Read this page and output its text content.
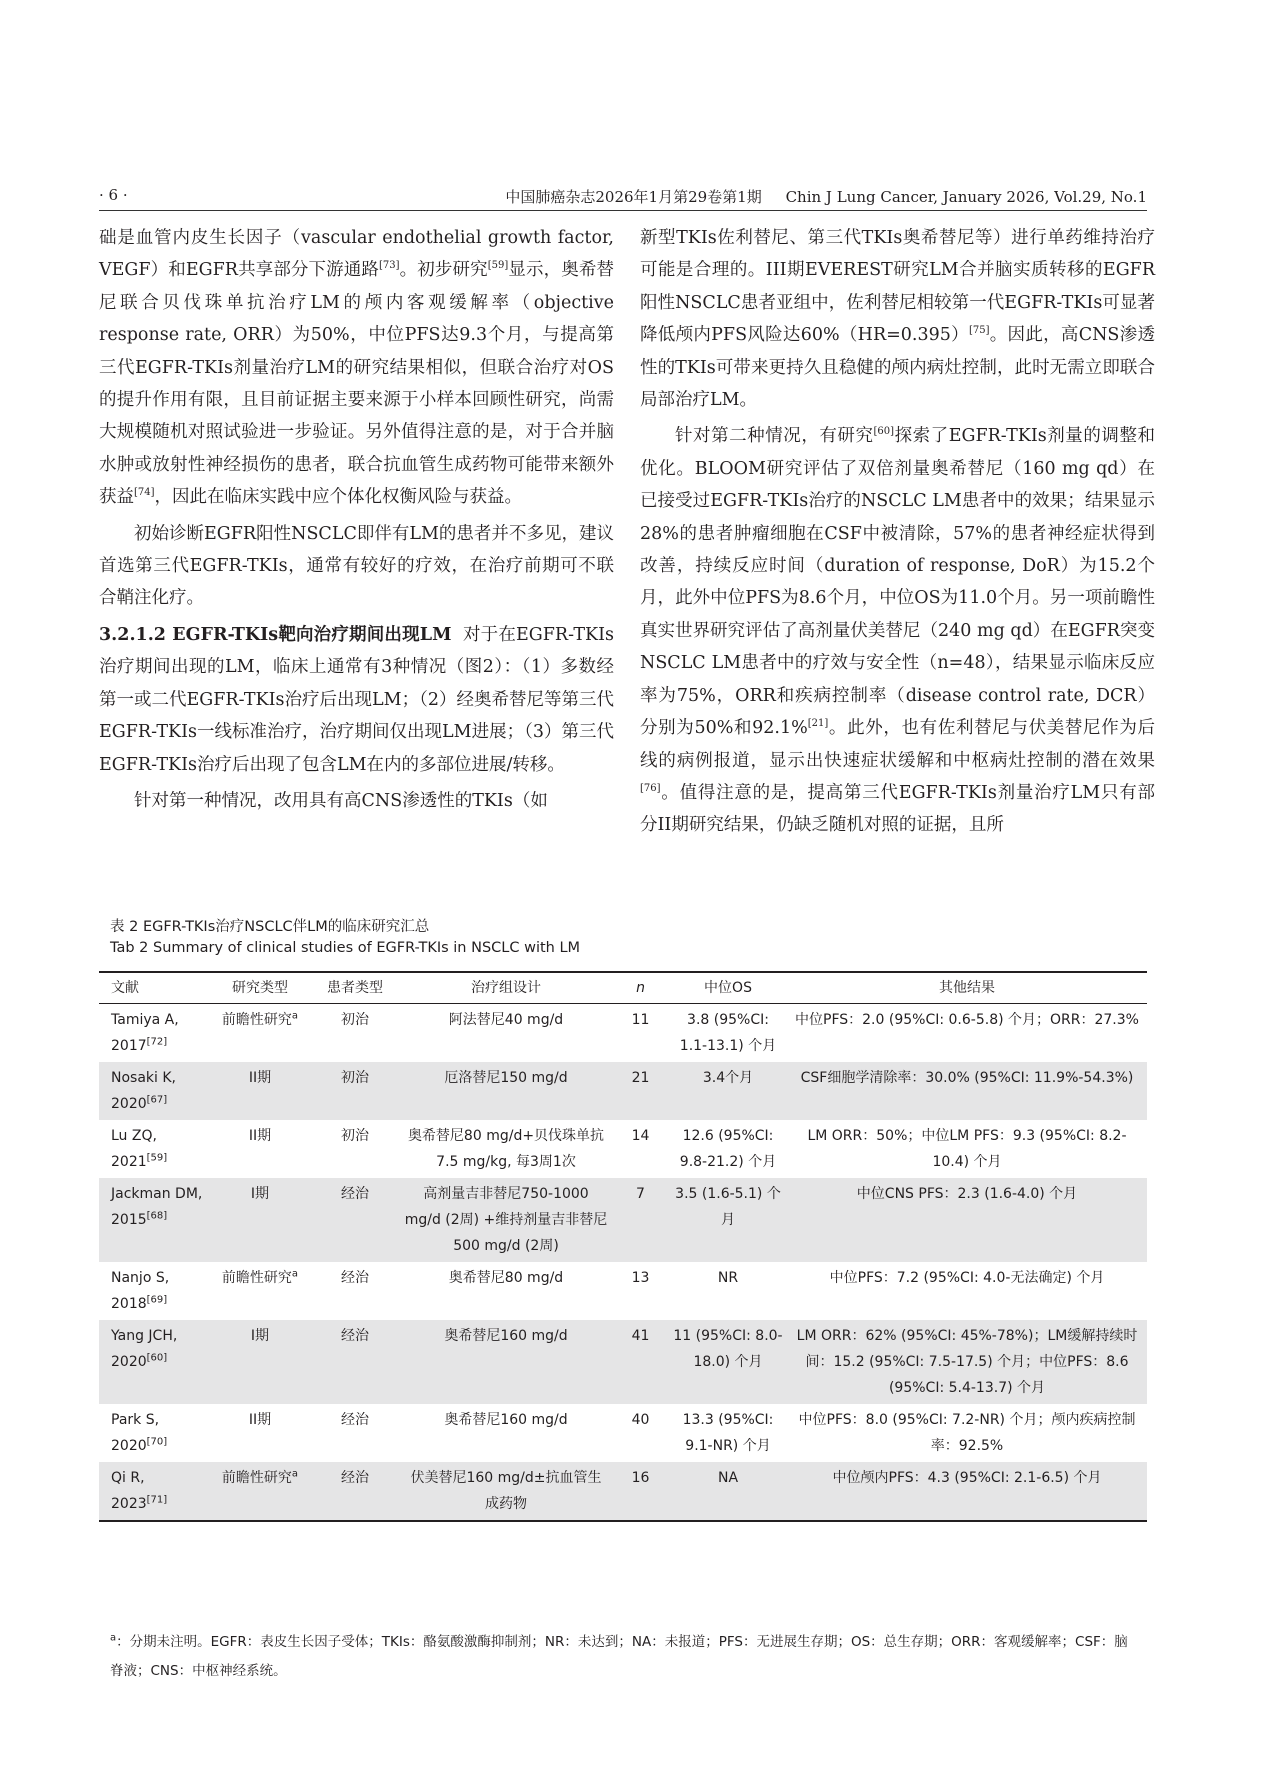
· 6 ·	中国肺癌杂志2026年1月第29卷第1期 Chin J Lung Cancer, January 2026, Vol.29, No.1

础是血管内皮生长因子（vascular endothelial growth factor, VEGF）和EGFR共享部分下游通路[73]。初步研究[59]显示，奥希替尼联合贝伐珠单抗治疗LM的颅内客观缓解率（objective response rate, ORR）为50%，中位PFS达9.3个月，与提高第三代EGFR-TKIs剂量治疗LM的研究结果相似，但联合治疗对OS的提升作用有限，且目前证据主要来源于小样本回顾性研究，尚需大规模随机对照试验进一步验证。另外值得注意的是，对于合并脑水肿或放射性神经损伤的患者，联合抗血管生成药物可能带来额外获益[74]，因此在临床实践中应个体化权衡风险与获益。

初始诊断EGFR阳性NSCLC即伴有LM的患者并不多见，建议首选第三代EGFR-TKIs，通常有较好的疗效，在治疗前期可不联合鞘注化疗。

3.2.1.2 EGFR-TKIs靶向治疗期间出现LM 对于在EGFR-TKIs治疗期间出现的LM，临床上通常有3种情况（图2）：（1）多数经第一或二代EGFR-TKIs治疗后出现LM；（2）经奥希替尼等第三代EGFR-TKIs一线标准治疗，治疗期间仅出现LM进展；（3）第三代EGFR-TKIs治疗后出现了包含LM在内的多部位进展/转移。

针对第一种情况，改用具有高CNS渗透性的TKIs（如

新型TKIs佐利替尼、第三代TKIs奥希替尼等）进行单药维持治疗可能是合理的。III期EVEREST研究LM合并脑实质转移的EGFR阳性NSCLC患者亚组中，佐利替尼相较第一代EGFR-TKIs可显著降低颅内PFS风险达60%（HR=0.395）[75]。因此，高CNS渗透性的TKIs可带来更持久且稳健的颅内病灶控制，此时无需立即联合局部治疗LM。

针对第二种情况，有研究[60]探索了EGFR-TKIs剂量的调整和优化。BLOOM研究评估了双倍剂量奥希替尼（160 mg qd）在已接受过EGFR-TKIs治疗的NSCLC LM患者中的效果；结果显示28%的患者肿瘤细胞在CSF中被清除，57%的患者神经症状得到改善，持续反应时间（duration of response, DoR）为15.2个月，此外中位PFS为8.6个月，中位OS为11.0个月。另一项前瞻性真实世界研究评估了高剂量伏美替尼（240 mg qd）在EGFR突变NSCLC LM患者中的疗效与安全性（n=48），结果显示临床反应率为75%，ORR和疾病控制率（disease control rate, DCR）分别为50%和92.1%[21]。此外，也有佐利替尼与伏美替尼作为后线的病例报道，显示出快速症状缓解和中枢病灶控制的潜在效果[76]。值得注意的是，提高第三代EGFR-TKIs剂量治疗LM只有部分II期研究结果，仍缺乏随机对照的证据，且所

表 2 EGFR-TKIs治疗NSCLC伴LM的临床研究汇总
Tab 2 Summary of clinical studies of EGFR-TKIs in NSCLC with LM
文献	研究类型	患者类型	治疗组设计	n	中位OS	其他结果
Tamiya A,
2017[72]	前瞻性研究$^a$	初治	阿法替尼40 mg/d	11	3.8 (95%CI: 1.1-13.1) 个月	中位PFS：2.0 (95%CI: 0.6-5.8) 个月；ORR：27.3%
Nosaki K,
2020[67]	II期	初治	厄洛替尼150 mg/d	21	3.4个月	CSF细胞学清除率：30.0% (95%CI: 11.9%-54.3%)
Lu ZQ,
2021[59]	II期	初治	奥希替尼80 mg/d+贝伐珠单抗7.5 mg/kg, 每3周1次	14	12.6 (95%CI: 9.8-21.2) 个月	LM ORR：50%；中位LM PFS：9.3 (95%CI: 8.2-10.4) 个月
Jackman DM,
2015[68]	I期	经治	高剂量吉非替尼750-1000 mg/d (2周) +维持剂量吉非替尼500 mg/d (2周)	7	3.5 (1.6-5.1) 个月	中位CNS PFS：2.3 (1.6-4.0) 个月
Nanjo S,
2018[69]	前瞻性研究$^a$	经治	奥希替尼80 mg/d	13	NR	中位PFS：7.2 (95%CI: 4.0-无法确定) 个月
Yang JCH,
2020[60]	I期	经治	奥希替尼160 mg/d	41	11 (95%CI: 8.0-18.0) 个月	LM ORR：62% (95%CI: 45%-78%)；LM缓解持续时间：15.2 (95%CI: 7.5-17.5) 个月；中位PFS：8.6 (95%CI: 5.4-13.7) 个月
Park S,
2020[70]	II期	经治	奥希替尼160 mg/d	40	13.3 (95%CI: 9.1-NR) 个月	中位PFS：8.0 (95%CI: 7.2-NR) 个月；颅内疾病控制率：92.5%
Qi R,
2023[71]	前瞻性研究$^a$	经治	伏美替尼160 mg/d±抗血管生成药物	16	NA	中位颅内PFS：4.3 (95%CI: 2.1-6.5) 个月
$^a$：分期未注明。EGFR：表皮生长因子受体；TKIs：酪氨酸激酶抑制剂；NR：未达到；NA：未报道；PFS：无进展生存期；OS：总生存期；ORR：客观缓解率；CSF：脑脊液；CNS：中枢神经系统。
